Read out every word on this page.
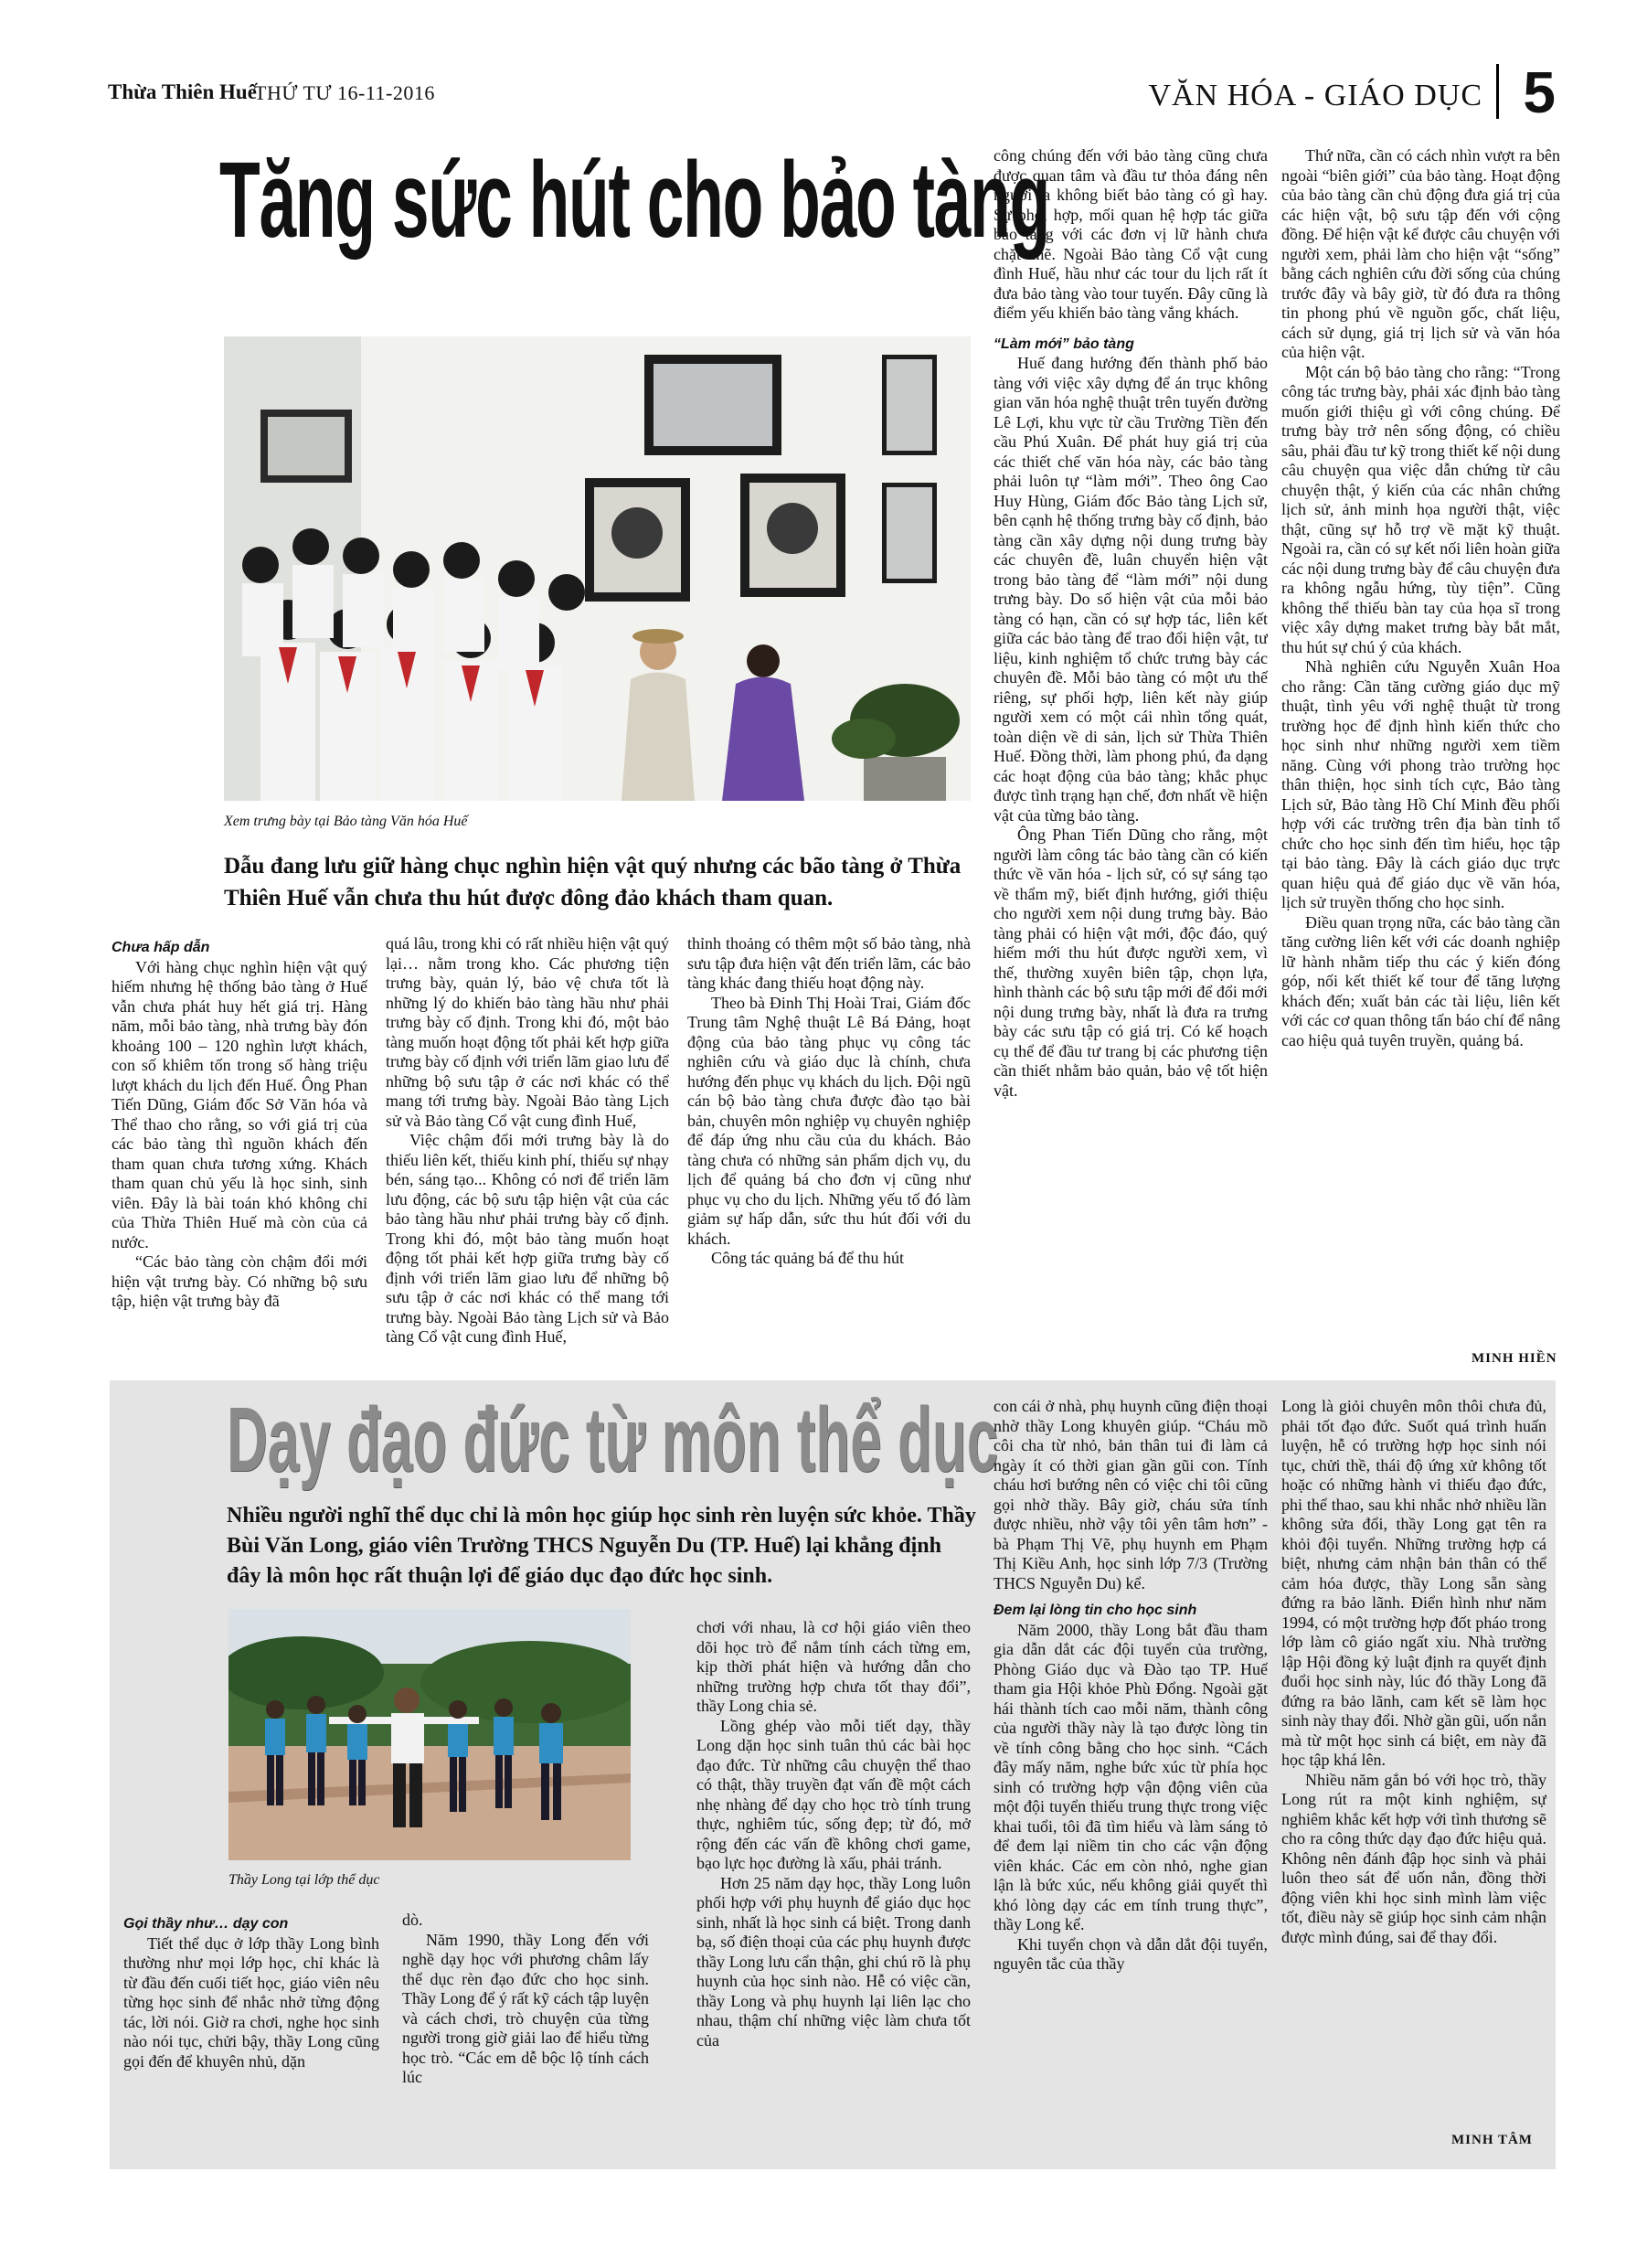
Thừa Thiên Huế
THỨ TƯ 16-11-2016	VĂN HÓA - GIÁO DỤC 5
Tăng sức hút cho bảo tàng
Xem trưng bày tại Bảo tàng Văn hóa Huế
Dẫu đang lưu giữ hàng chục nghìn hiện vật quý nhưng các bão tàng ở Thừa Thiên Huế vẫn chưa thu hút được đông đảo khách tham quan.

Chưa hấp dẫn

Với hàng chục nghìn hiện vật quý hiếm nhưng hệ thống bảo tàng ở Huế vẫn chưa phát huy hết giá trị. Hàng năm, mỗi bảo tàng, nhà trưng bày đón khoảng 100 – 120 nghìn lượt khách, con số khiêm tốn trong số hàng triệu lượt khách du lịch đến Huế. Ông Phan Tiến Dũng, Giám đốc Sở Văn hóa và Thể thao cho rằng, so với giá trị của các bảo tàng thì nguồn khách đến tham quan chưa tương xứng. Khách tham quan chủ yếu là học sinh, sinh viên. Đây là bài toán khó không chỉ của Thừa Thiên Huế mà còn của cả nước.

“Các bảo tàng còn chậm đổi mới hiện vật trưng bày. Có những bộ sưu tập, hiện vật trưng bày đã

quá lâu, trong khi có rất nhiều hiện vật quý lại… nằm trong kho. Các phương tiện trưng bày, quản lý, bảo vệ chưa tốt là những lý do khiến bảo tàng hầu như phải trưng bày cố định. Trong khi đó, một bảo tàng muốn hoạt động tốt phải kết hợp giữa trưng bày cố định với triển lãm giao lưu để những bộ sưu tập ở các nơi khác có thể mang tới trưng bày. Ngoài Bảo tàng Lịch sử và Bảo tàng Cổ vật cung đình Huế,

Việc chậm đổi mới trưng bày là do thiếu liên kết, thiếu kinh phí, thiếu sự nhạy bén, sáng tạo... Không có nơi để triển lãm lưu động, các bộ sưu tập hiện vật của các bảo tàng hầu như phải trưng bày cố định. Trong khi đó, một bảo tàng muốn hoạt động tốt phải kết hợp giữa trưng bày cố định với triển lãm giao lưu để những bộ sưu tập ở các nơi khác có thể mang tới trưng bày. Ngoài Bảo tàng Lịch sử và Bảo tàng Cổ vật cung đình Huế,

thỉnh thoảng có thêm một số bảo tàng, nhà sưu tập đưa hiện vật đến triển lãm, các bảo tàng khác đang thiếu hoạt động này.

Theo bà Đinh Thị Hoài Trai, Giám đốc Trung tâm Nghệ thuật Lê Bá Đảng, hoạt động của bảo tàng phục vụ công tác nghiên cứu và giáo dục là chính, chưa hướng đến phục vụ khách du lịch. Đội ngũ cán bộ bảo tàng chưa được đào tạo bài bản, chuyên môn nghiệp vụ chuyên nghiệp để đáp ứng nhu cầu của du khách. Bảo tàng chưa có những sản phẩm dịch vụ, du lịch để quảng bá cho đơn vị cũng như phục vụ cho du lịch. Những yếu tố đó làm giảm sự hấp dẫn, sức thu hút đối với du khách.

Công tác quảng bá để thu hút

công chúng đến với bảo tàng cũng chưa được quan tâm và đầu tư thỏa đáng nên người ta không biết bảo tàng có gì hay. Sự phối hợp, mối quan hệ hợp tác giữa bảo tàng với các đơn vị lữ hành chưa chặt chẽ. Ngoài Bảo tàng Cổ vật cung đình Huế, hầu như các tour du lịch rất ít đưa bảo tàng vào tour tuyến. Đây cũng là điểm yếu khiến bảo tàng vắng khách.

“Làm mới” bảo tàng

Huế đang hướng đến thành phố bảo tàng với việc xây dựng để án trục không gian văn hóa nghệ thuật trên tuyến đường Lê Lợi, khu vực từ cầu Trường Tiền đến cầu Phú Xuân. Để phát huy giá trị của các thiết chế văn hóa này, các bảo tàng phải luôn tự “làm mới”. Theo ông Cao Huy Hùng, Giám đốc Bảo tàng Lịch sử, bên cạnh hệ thống trưng bày cố định, bảo tàng cần xây dựng nội dung trưng bày các chuyên đề, luân chuyển hiện vật trong bảo tàng để “làm mới” nội dung trưng bày. Do số hiện vật của mỗi bảo tàng có hạn, cần có sự hợp tác, liên kết giữa các bảo tàng để trao đổi hiện vật, tư liệu, kinh nghiệm tổ chức trưng bày các chuyên đề. Mỗi bảo tàng có một ưu thế riêng, sự phối hợp, liên kết này giúp người xem có một cái nhìn tổng quát, toàn diện về di sản, lịch sử Thừa Thiên Huế. Đồng thời, làm phong phú, đa dạng các hoạt động của bảo tàng; khắc phục được tình trạng hạn chế, đơn nhất về hiện vật của từng bảo tàng.

Ông Phan Tiến Dũng cho rằng, một người làm công tác bảo tàng cần có kiến thức về văn hóa - lịch sử, có sự sáng tạo về thẩm mỹ, biết định hướng, giới thiệu cho người xem nội dung trưng bày. Bảo tàng phải có hiện vật mới, độc đáo, quý hiếm mới thu hút được người xem, vì thế, thường xuyên biên tập, chọn lựa, hình thành các bộ sưu tập mới để đổi mới nội dung trưng bày, nhất là đưa ra trưng bày các sưu tập có giá trị. Có kế hoạch cụ thể để đầu tư trang bị các phương tiện cần thiết nhằm bảo quản, bảo vệ tốt hiện vật.

Thứ nữa, cần có cách nhìn vượt ra bên ngoài “biên giới” của bảo tàng. Hoạt động của bảo tàng cần chủ động đưa giá trị của các hiện vật, bộ sưu tập đến với cộng đồng. Để hiện vật kể được câu chuyện với người xem, phải làm cho hiện vật “sống” bằng cách nghiên cứu đời sống của chúng trước đây và bây giờ, từ đó đưa ra thông tin phong phú về nguồn gốc, chất liệu, cách sử dụng, giá trị lịch sử và văn hóa của hiện vật.

Một cán bộ bảo tàng cho rằng: “Trong công tác trưng bày, phải xác định bảo tàng muốn giới thiệu gì với công chúng. Để trưng bày trở nên sống động, có chiều sâu, phải đầu tư kỹ trong thiết kế nội dung câu chuyện qua việc dẫn chứng từ câu chuyện thật, ý kiến của các nhân chứng lịch sử, ảnh minh họa người thật, việc thật, cũng sự hỗ trợ về mặt kỹ thuật. Ngoài ra, cần có sự kết nối liên hoàn giữa các nội dung trưng bày để câu chuyện đưa ra không ngẫu hứng, tùy tiện”. Cũng không thể thiếu bàn tay của họa sĩ trong việc xây dựng maket trưng bày bắt mắt, thu hút sự chú ý của khách.

Nhà nghiên cứu Nguyễn Xuân Hoa cho rằng: Cần tăng cường giáo dục mỹ thuật, tình yêu với nghệ thuật từ trong trường học để định hình kiến thức cho học sinh như những người xem tiềm năng. Cùng với phong trào trường học thân thiện, học sinh tích cực, Bảo tàng Lịch sử, Bảo tàng Hồ Chí Minh đều phối hợp với các trường trên địa bàn tỉnh tổ chức cho học sinh đến tìm hiểu, học tập tại bảo tàng. Đây là cách giáo dục trực quan hiệu quả để giáo dục về văn hóa, lịch sử truyền thống cho học sinh.

Điều quan trọng nữa, các bảo tàng cần tăng cường liên kết với các doanh nghiệp lữ hành nhằm tiếp thu các ý kiến đóng góp, nối kết thiết kế tour để tăng lượng khách đến; xuất bản các tài liệu, liên kết với các cơ quan thông tấn báo chí để nâng cao hiệu quả tuyên truyền, quảng bá.

MINH HIỀN
Dạy đạo đức từ môn thể dục
Nhiều người nghĩ thể dục chỉ là môn học giúp học sinh rèn luyện sức khỏe. Thầy Bùi Văn Long, giáo viên Trường THCS Nguyễn Du (TP. Huế) lại khẳng định đây là môn học rất thuận lợi để giáo dục đạo đức học sinh.
Thầy Long tại lớp thể dục

Gọi thầy như… dạy con

Tiết thể dục ở lớp thầy Long bình thường như mọi lớp học, chỉ khác là từ đầu đến cuối tiết học, giáo viên nêu từng học sinh để nhắc nhở từng động tác, lời nói. Giờ ra chơi, nghe học sinh nào nói tục, chửi bậy, thầy Long cũng gọi đến để khuyên nhủ, dặn

dò.

Năm 1990, thầy Long đến với nghề dạy học với phương châm lấy thể dục rèn đạo đức cho học sinh. Thầy Long để ý rất kỹ cách tập luyện và cách chơi, trò chuyện của từng người trong giờ giải lao để hiểu từng học trò. “Các em dễ bộc lộ tính cách lúc

chơi với nhau, là cơ hội giáo viên theo dõi học trò để nắm tính cách từng em, kịp thời phát hiện và hướng dẫn cho những trường hợp chưa tốt thay đổi”, thầy Long chia sẻ.

Lồng ghép vào mỗi tiết dạy, thầy Long dặn học sinh tuân thủ các bài học đạo đức. Từ những câu chuyện thể thao có thật, thầy truyền đạt vấn đề một cách nhẹ nhàng để dạy cho học trò tính trung thực, nghiêm túc, sống đẹp; từ đó, mở rộng đến các vấn đề không chơi game, bạo lực học đường là xấu, phải tránh.

Hơn 25 năm dạy học, thầy Long luôn phối hợp với phụ huynh để giáo dục học sinh, nhất là học sinh cá biệt. Trong danh bạ, số điện thoại của các phụ huynh được thầy Long lưu cẩn thận, ghi chú rõ là phụ huynh của học sinh nào. Hễ có việc cần, thầy Long và phụ huynh lại liên lạc cho nhau, thậm chí những việc làm chưa tốt của

con cái ở nhà, phụ huynh cũng điện thoại nhờ thầy Long khuyên giúp. “Cháu mồ côi cha từ nhỏ, bản thân tui đi làm cả ngày ít có thời gian gần gũi con. Tính cháu hơi bướng nên có việc chi tôi cũng gọi nhờ thầy. Bây giờ, cháu sửa tính được nhiều, nhờ vậy tôi yên tâm hơn” - bà Phạm Thị Vẽ, phụ huynh em Phạm Thị Kiều Anh, học sinh lớp 7/3 (Trường THCS Nguyễn Du) kể.

Đem lại lòng tin cho học sinh

Năm 2000, thầy Long bắt đầu tham gia dẫn dắt các đội tuyển của trường, Phòng Giáo dục và Đào tạo TP. Huế tham gia Hội khỏe Phù Đổng. Ngoài gặt hái thành tích cao mỗi năm, thành công của người thầy này là tạo được lòng tin về tính công bằng cho học sinh. “Cách đây mấy năm, nghe bức xúc từ phía học sinh có trường hợp vận động viên của một đội tuyển thiếu trung thực trong việc khai tuổi, tôi đã tìm hiểu và làm sáng tỏ để đem lại niềm tin cho các vận động viên khác. Các em còn nhỏ, nghe gian lận là bức xúc, nếu không giải quyết thì khó lòng dạy các em tính trung thực”, thầy Long kể.

Khi tuyển chọn và dẫn dắt đội tuyển, nguyên tắc của thầy

Long là giỏi chuyên môn thôi chưa đủ, phải tốt đạo đức. Suốt quá trình huấn luyện, hễ có trường hợp học sinh nói tục, chửi thề, thái độ ứng xử không tốt hoặc có những hành vi thiếu đạo đức, phi thể thao, sau khi nhắc nhở nhiều lần không sửa đổi, thầy Long gạt tên ra khỏi đội tuyển. Những trường hợp cá biệt, nhưng cảm nhận bản thân có thể cảm hóa được, thầy Long sẵn sàng đứng ra bảo lãnh. Điển hình như năm 1994, có một trường hợp đốt pháo trong lớp làm cô giáo ngất xỉu. Nhà trường lập Hội đồng kỷ luật định ra quyết định đuổi học sinh này, lúc đó thầy Long đã đứng ra bảo lãnh, cam kết sẽ làm học sinh này thay đổi. Nhờ gần gũi, uốn nắn mà từ một học sinh cá biệt, em này đã học tập khá lên.

Nhiều năm gắn bó với học trò, thầy Long rút ra một kinh nghiệm, sự nghiêm khắc kết hợp với tình thương sẽ cho ra công thức dạy đạo đức hiệu quả. Không nên đánh đập học sinh và phải luôn theo sát để uốn nắn, đồng thời động viên khi học sinh mình làm việc tốt, điều này sẽ giúp học sinh cảm nhận được mình đúng, sai để thay đổi.

MINH TÂM
